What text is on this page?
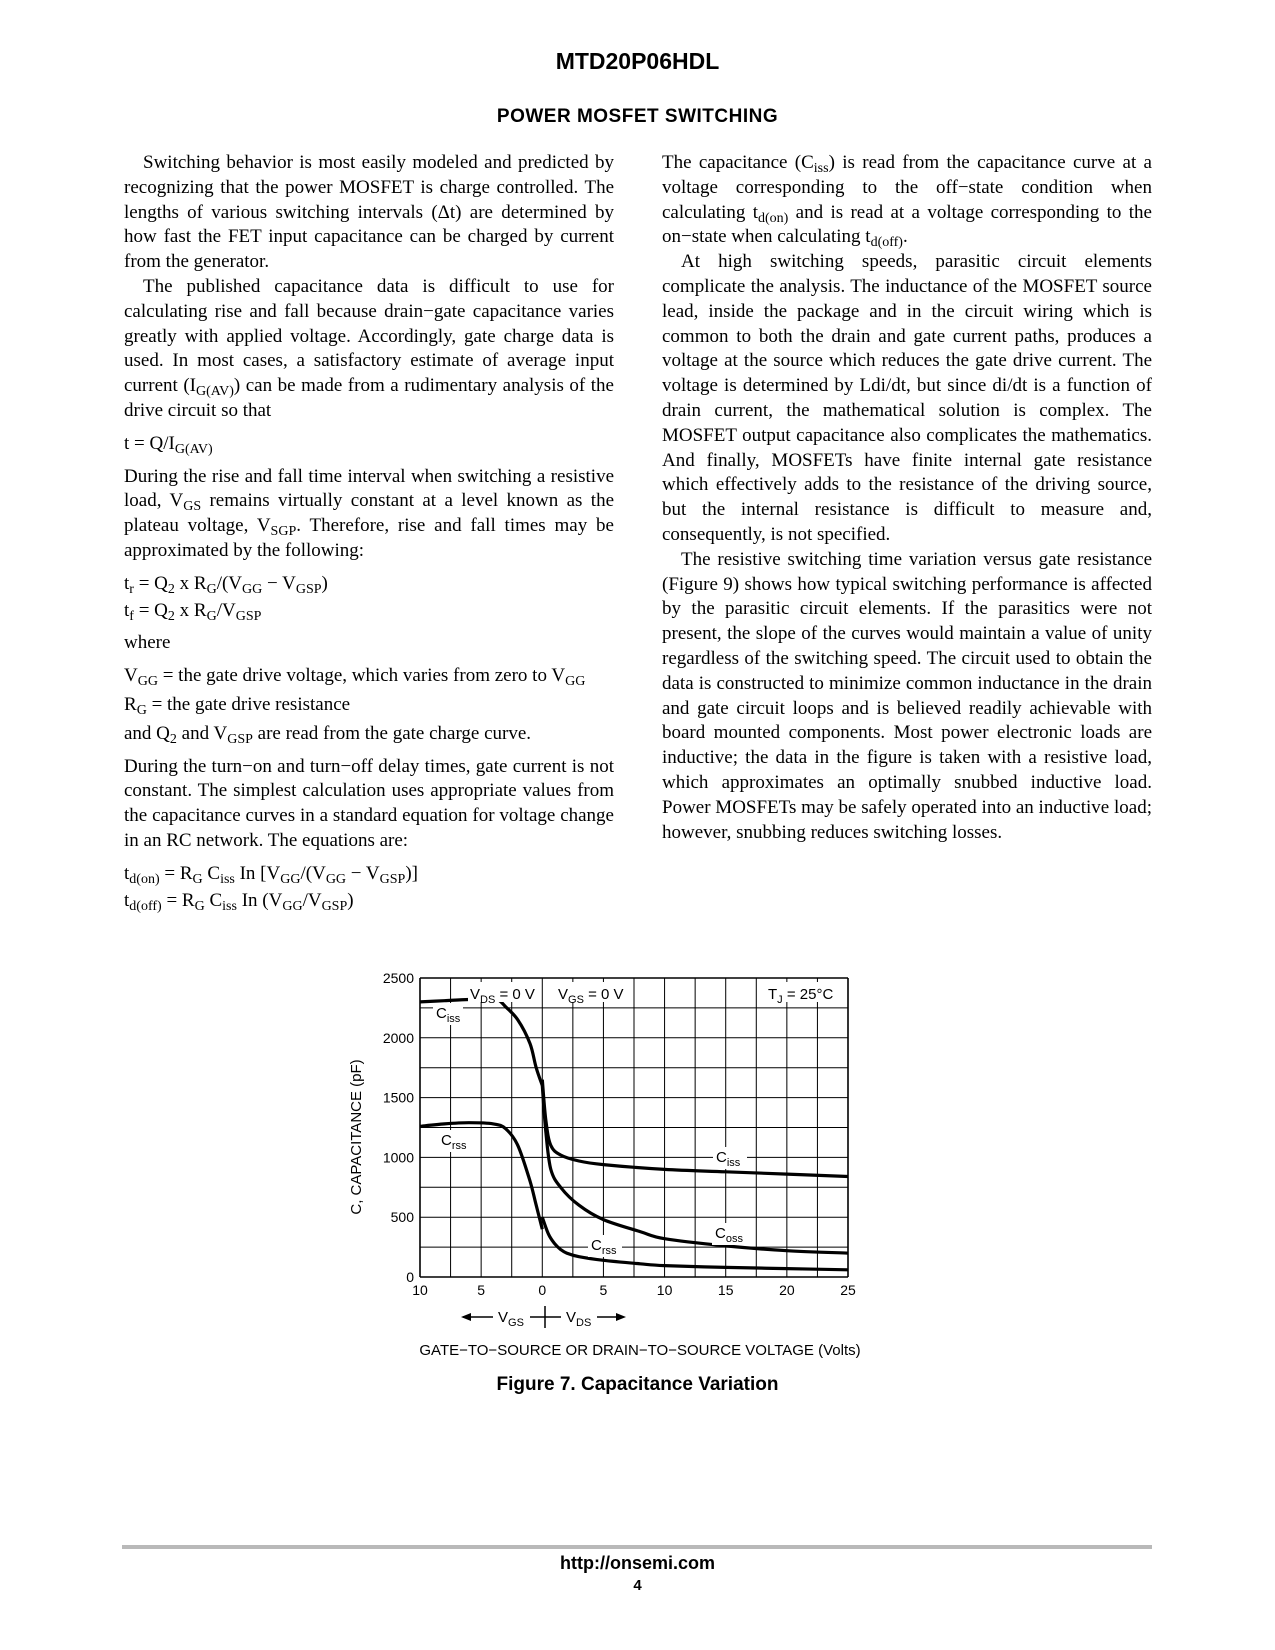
MTD20P06HDL
POWER MOSFET SWITCHING

Switching behavior is most easily modeled and predicted by recognizing that the power MOSFET is charge controlled. The lengths of various switching intervals (Δt) are determined by how fast the FET input capacitance can be charged by current from the generator.

The published capacitance data is difficult to use for calculating rise and fall because drain−gate capacitance varies greatly with applied voltage. Accordingly, gate charge data is used. In most cases, a satisfactory estimate of average input current $(I_{G(AV)})$ can be made from a rudimentary analysis of the drive circuit so that

$t = Q/I_{G(AV)}$

During the rise and fall time interval when switching a resistive load, $V_{GS}$ remains virtually constant at a level known as the plateau voltage, $V_{SGP}$. Therefore, rise and fall times may be approximated by the following:

$t_r = Q_2$ x $R_G/(V_{GG} - V_{GSP})$

$t_f = Q_2$ x $R_G/V_{GSP}$

where

$V_{GG}$ = the gate drive voltage, which varies from zero to $V_{GG}$

$R_G$ = the gate drive resistance

and $Q_2$ and $V_{GSP}$ are read from the gate charge curve.

During the turn−on and turn−off delay times, gate current is not constant. The simplest calculation uses appropriate values from the capacitance curves in a standard equation for voltage change in an RC network. The equations are:

$t_{d(on)} = R_G$ $C_{iss}$ In $[V_{GG}/(V_{GG} - V_{GSP})]$

$t_{d(off)} = R_G$ $C_{iss}$ In $(V_{GG}/V_{GSP})$

The capacitance $(C_{iss})$ is read from the capacitance curve at a voltage corresponding to the off−state condition when calculating $t_{d(on)}$ and is read at a voltage corresponding to the on−state when calculating $t_{d(off)}$.

At high switching speeds, parasitic circuit elements complicate the analysis. The inductance of the MOSFET source lead, inside the package and in the circuit wiring which is common to both the drain and gate current paths, produces a voltage at the source which reduces the gate drive current. The voltage is determined by Ldi/dt, but since di/dt is a function of drain current, the mathematical solution is complex. The MOSFET output capacitance also complicates the mathematics. And finally, MOSFETs have finite internal gate resistance which effectively adds to the resistance of the driving source, but the internal resistance is difficult to measure and, consequently, is not specified.

The resistive switching time variation versus gate resistance (Figure 9) shows how typical switching performance is affected by the parasitic circuit elements. If the parasitics were not present, the slope of the curves would maintain a value of unity regardless of the switching speed. The circuit used to obtain the data is constructed to minimize common inductance in the drain and gate circuit loops and is believed readily achievable with board mounted components. Most power electronic loads are inductive; the data in the figure is taken with a resistive load, which approximates an optimally snubbed inductive load. Power MOSFETs may be safely operated into an inductive load; however, snubbing reduces switching losses.

0
500
1000
1500
2000
2500
10	5	0	5	10	15	20	25
C, CAPACITANCE (pF)
$V_{DS} = 0$ V $V_{GS} = 0$ V	$T_J = 25^\circ C$
$C_{iss}$
$C_{rss}$
$C_{iss}$
$C_{oss}$
$C_{rss}$
$V_{GS}$	$V_{DS}$
GATE−TO−SOURCE OR DRAIN−TO−SOURCE VOLTAGE (Volts)
Figure 7. Capacitance Variation
http://onsemi.com
4
